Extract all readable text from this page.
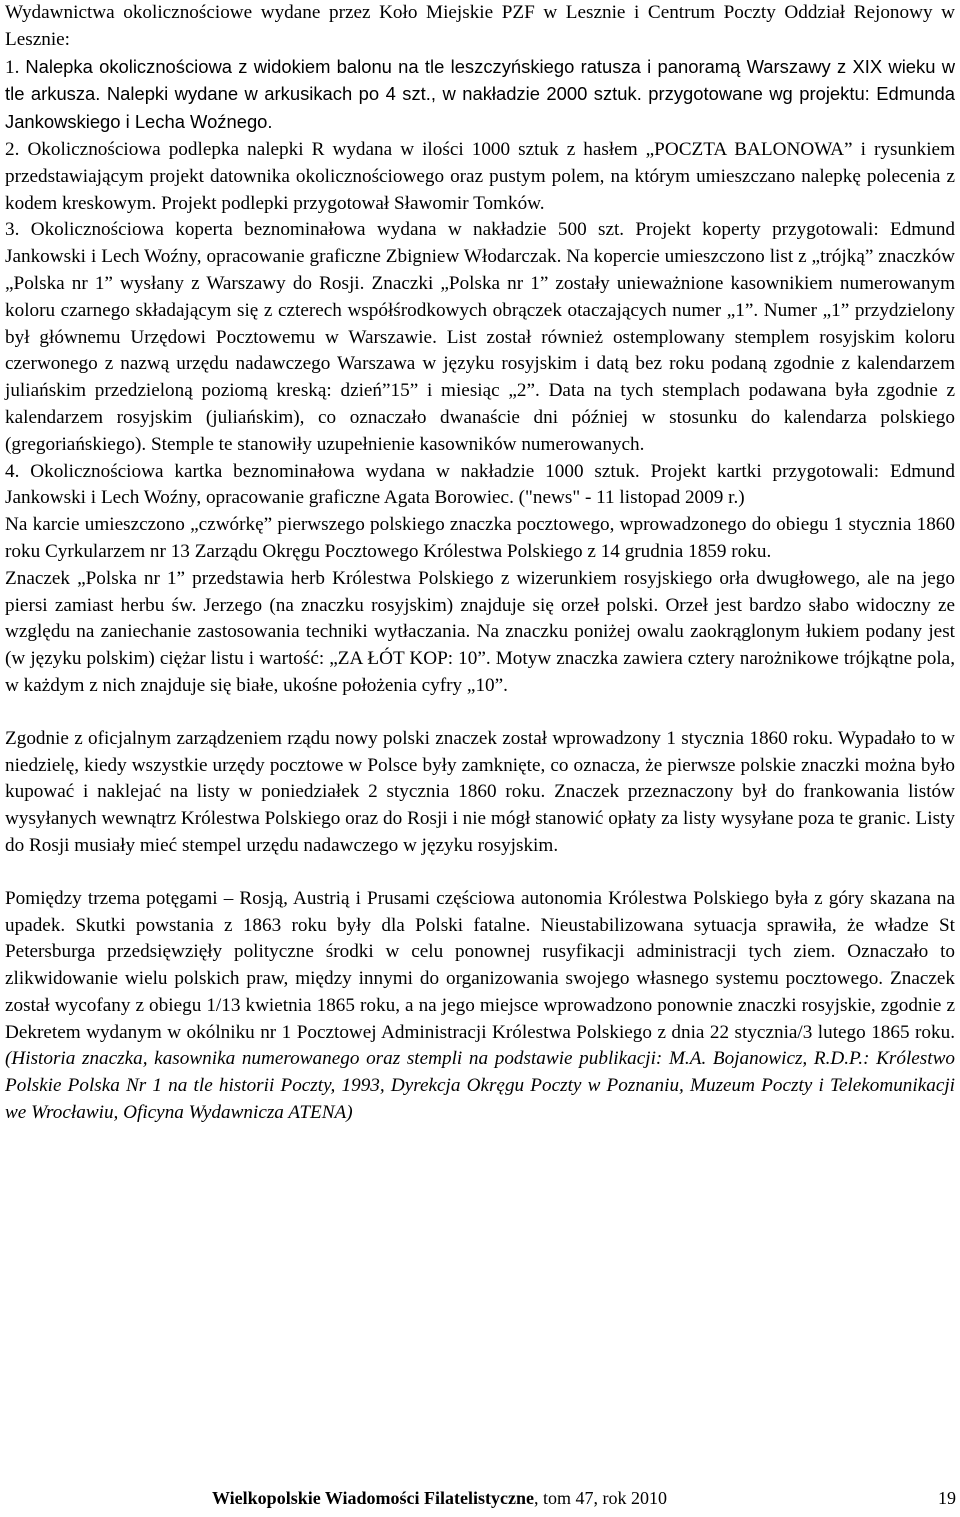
Wydawnictwa okolicznościowe wydane przez Koło Miejskie PZF w Lesznie i Centrum Poczty Oddział Rejonowy w Lesznie:
1. Nalepka okolicznościowa z widokiem balonu na tle leszczyńskiego ratusza i panoramą Warszawy z XIX wieku w tle arkusza. Nalepki wydane w arkusikach po 4 szt., w nakładzie 2000 sztuk. przygotowane wg projektu: Edmunda Jankowskiego i Lecha Woźnego.

2. Okolicznościowa podlepka nalepki R wydana w ilości 1000 sztuk z hasłem „POCZTA BALONOWA” i rysunkiem przedstawiającym projekt datownika okolicznościowego oraz pustym polem, na którym umieszczano nalepkę polecenia z kodem kreskowym. Projekt podlepki przygotował Sławomir Tomków.

3. Okolicznościowa koperta beznominałowa wydana w nakładzie 500 szt. Projekt koperty przygotowali: Edmund Jankowski i Lech Woźny, opracowanie graficzne Zbigniew Włodarczak. Na kopercie umieszczono list z „trójką” znaczków „Polska nr 1” wysłany z Warszawy do Rosji. Znaczki „Polska nr 1” zostały unieważnione kasownikiem numerowanym koloru czarnego składającym się z czterech współśrodkowych obrączek otaczających numer „1”. Numer „1” przydzielony był głównemu Urzędowi Pocztowemu w Warszawie. List został również ostemplowany stemplem rosyjskim koloru czerwonego z nazwą urzędu nadawczego Warszawa w języku rosyjskim i datą bez roku podaną zgodnie z kalendarzem juliańskim przedzieloną poziomą kreską: dzień”15” i miesiąc „2”. Data na tych stemplach podawana była zgodnie z kalendarzem rosyjskim (juliańskim), co oznaczało dwanaście dni później w stosunku do kalendarza polskiego (gregoriańskiego). Stemple te stanowiły uzupełnienie kasowników numerowanych.

4. Okolicznościowa kartka beznominałowa wydana w nakładzie 1000 sztuk. Projekt kartki przygotowali: Edmund Jankowski i Lech Woźny, opracowanie graficzne Agata Borowiec. ("news" - 11 listopad 2009 r.)

Na karcie umieszczono „czwórkę” pierwszego polskiego znaczka pocztowego, wprowadzonego do obiegu 1 stycznia 1860 roku Cyrkularzem nr 13 Zarządu Okręgu Pocztowego Królestwa Polskiego z 14 grudnia 1859 roku.

Znaczek „Polska nr 1” przedstawia herb Królestwa Polskiego z wizerunkiem rosyjskiego orła dwugłowego, ale na jego piersi zamiast herbu św. Jerzego (na znaczku rosyjskim) znajduje się orzeł polski. Orzeł jest bardzo słabo widoczny ze względu na zaniechanie zastosowania techniki wytłaczania. Na znaczku poniżej owalu zaokrąglonym łukiem podany jest (w języku polskim) ciężar listu i wartość: „ZA ŁÓT KOP: 10”. Motyw znaczka zawiera cztery narożnikowe trójkątne pola, w każdym z nich znajduje się białe, ukośne położenia cyfry „10”.

Zgodnie z oficjalnym zarządzeniem rządu nowy polski znaczek został wprowadzony 1 stycznia 1860 roku. Wypadało to w niedzielę, kiedy wszystkie urzędy pocztowe w Polsce były zamknięte, co oznacza, że pierwsze polskie znaczki można było kupować i naklejać na listy w poniedziałek 2 stycznia 1860 roku. Znaczek przeznaczony był do frankowania listów wysyłanych wewnątrz Królestwa Polskiego oraz do Rosji i nie mógł stanowić opłaty za listy wysyłane poza te granic. Listy do Rosji musiały mieć stempel urzędu nadawczego w języku rosyjskim.

Pomiędzy trzema potęgami – Rosją, Austrią i Prusami częściowa autonomia Królestwa Polskiego była z góry skazana na upadek. Skutki powstania z 1863 roku były dla Polski fatalne. Nieustabilizowana sytuacja sprawiła, że władze St Petersburga przedsięwzięły polityczne środki w celu ponownej rusyfikacji administracji tych ziem. Oznaczało to zlikwidowanie wielu polskich praw, między innymi do organizowania swojego własnego systemu pocztowego. Znaczek został wycofany z obiegu 1/13 kwietnia 1865 roku, a na jego miejsce wprowadzono ponownie znaczki rosyjskie, zgodnie z Dekretem wydanym w okólniku nr 1 Pocztowej Administracji Królestwa Polskiego z dnia 22 stycznia/3 lutego 1865 roku. (Historia znaczka, kasownika numerowanego oraz stempli na podstawie publikacji: M.A. Bojanowicz, R.D.P.: Królestwo Polskie Polska Nr 1 na tle historii Poczty, 1993, Dyrekcja Okręgu Poczty w Poznaniu, Muzeum Poczty i Telekomunikacji we Wrocławiu, Oficyna Wydawnicza ATENA)

Wielkopolskie Wiadomości Filatelistyczne, tom 47, rok 2010	19
